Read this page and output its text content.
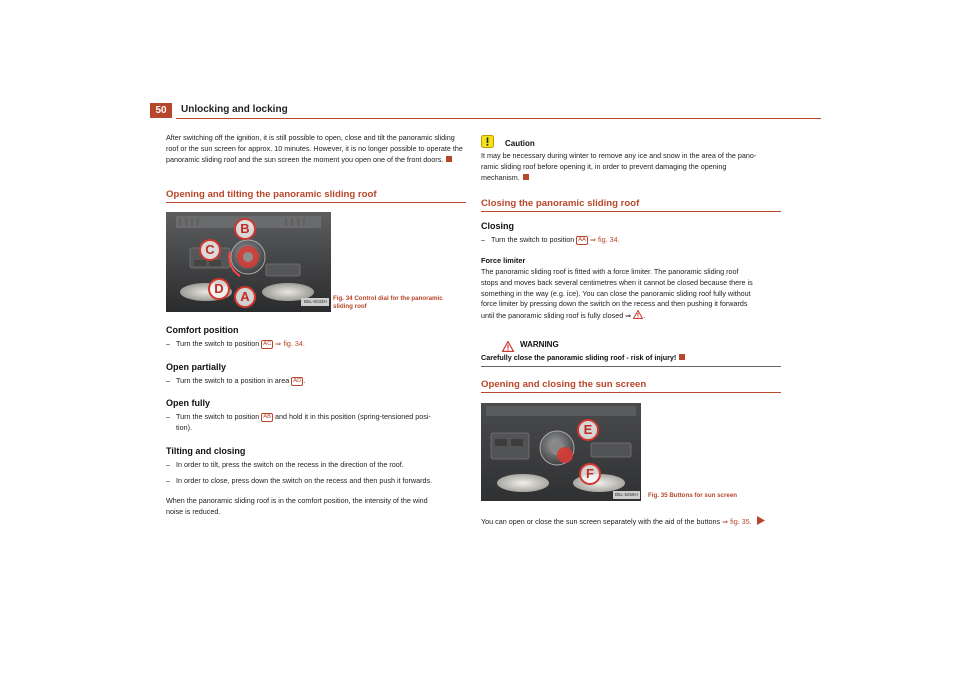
50	Unlocking and locking
After switching off the ignition, it is still possible to open, close and tilt the panoramic sliding roof or the sun screen for approx. 10 minutes. However, it is no longer possible to operate the panoramic sliding roof and the sun screen the moment you open one of the front doors.
Opening and tilting the panoramic sliding roof
B
C
D
A	B5L-5033H Fig. 34 Control dial for the panoramic
sliding roof
Comfort position
– Turn the switch to position AC ⇒ fig. 34.
Open partially
– Turn the switch to a position in area AD .
Open fully
– Turn the switch to position AB and hold it in this position (spring-tensioned posi-
tion).
Tilting and closing
– In order to tilt, press the switch on the recess in the direction of the roof.
– In order to close, press down the switch on the recess and then push it forwards.
When the panoramic sliding roof is in the comfort position, the intensity of the wind
noise is reduced.
Caution
It may be necessary during winter to remove any ice and snow in the area of the pano-
ramic sliding roof before opening it, in order to prevent damaging the opening
mechanism.
Closing the panoramic sliding roof
Closing
– Turn the switch to position AA ⇒ fig. 34.
Force limiter
The panoramic sliding roof is fitted with a force limiter. The panoramic sliding roof
stops and moves back several centimetres when it cannot be closed because there is
something in the way (e.g. ice). You can close the panoramic sliding roof fully without
force limiter by pressing down the switch on the recess and then pushing it forwards
until the panoramic sliding roof is fully closed ⇒ .
WARNING
Carefully close the panoramic sliding roof - risk of injury!
Opening and closing the sun screen
E
F
B5L-5268H Fig. 35 Buttons for sun screen
You can open or close the sun screen separately with the aid of the buttons ⇒ fig. 35.
